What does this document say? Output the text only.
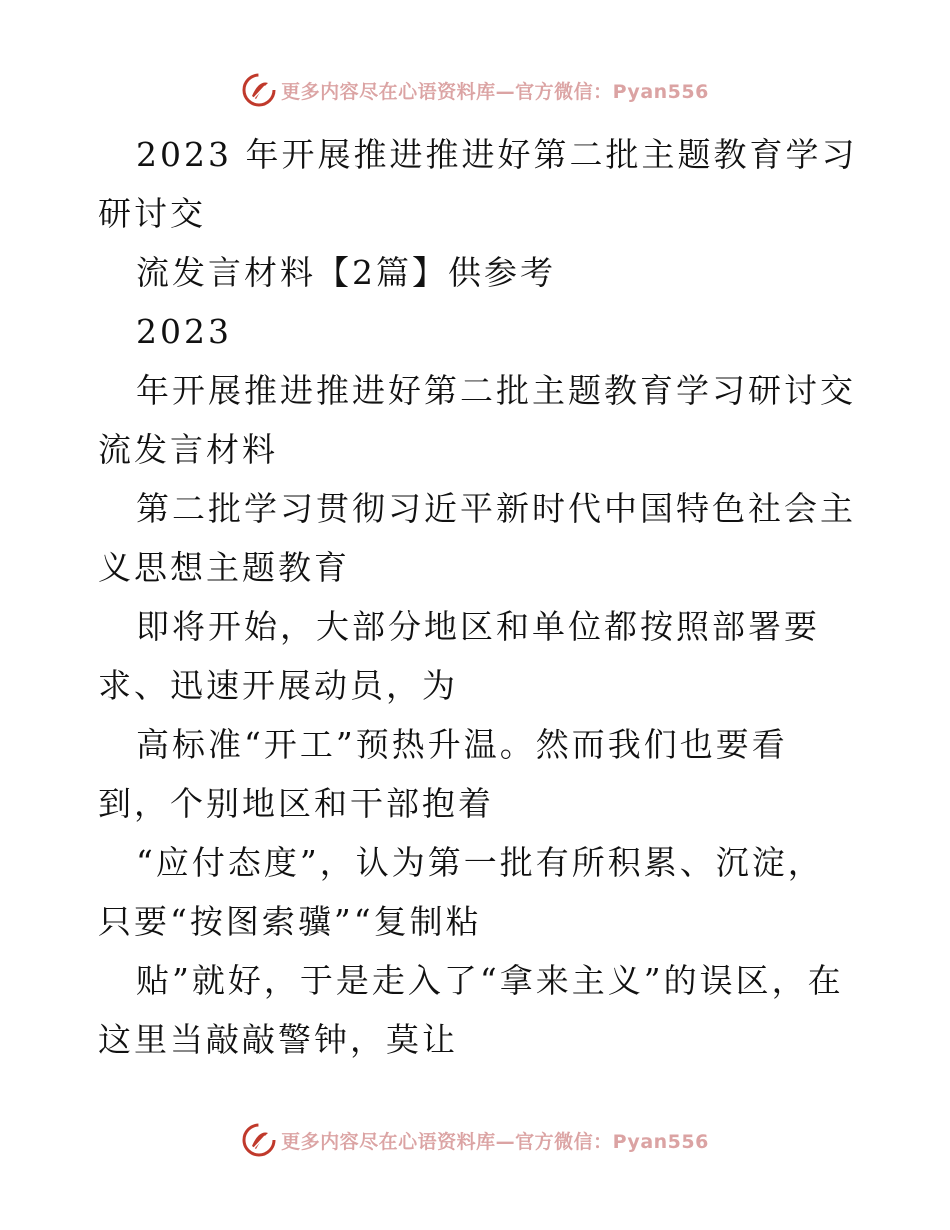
更多内容尽在心语资料库—官方微信：Pyan556

2023 年开展推进推进好第二批主题教育学习研讨交

流发言材料【2篇】供参考

2023

年开展推进推进好第二批主题教育学习研讨交流发言材料

第二批学习贯彻习近平新时代中国特色社会主义思想主题教育

即将开始，大部分地区和单位都按照部署要求、迅速开展动员，为

高标准“开工”预热升温。然而我们也要看到，个别地区和干部抱着

“应付态度”，认为第一批有所积累、沉淀，只要“按图索骥”“复制粘

贴”就好，于是走入了“拿来主义”的误区，在这里当敲敲警钟，莫让

更多内容尽在心语资料库—官方微信：Pyan556
